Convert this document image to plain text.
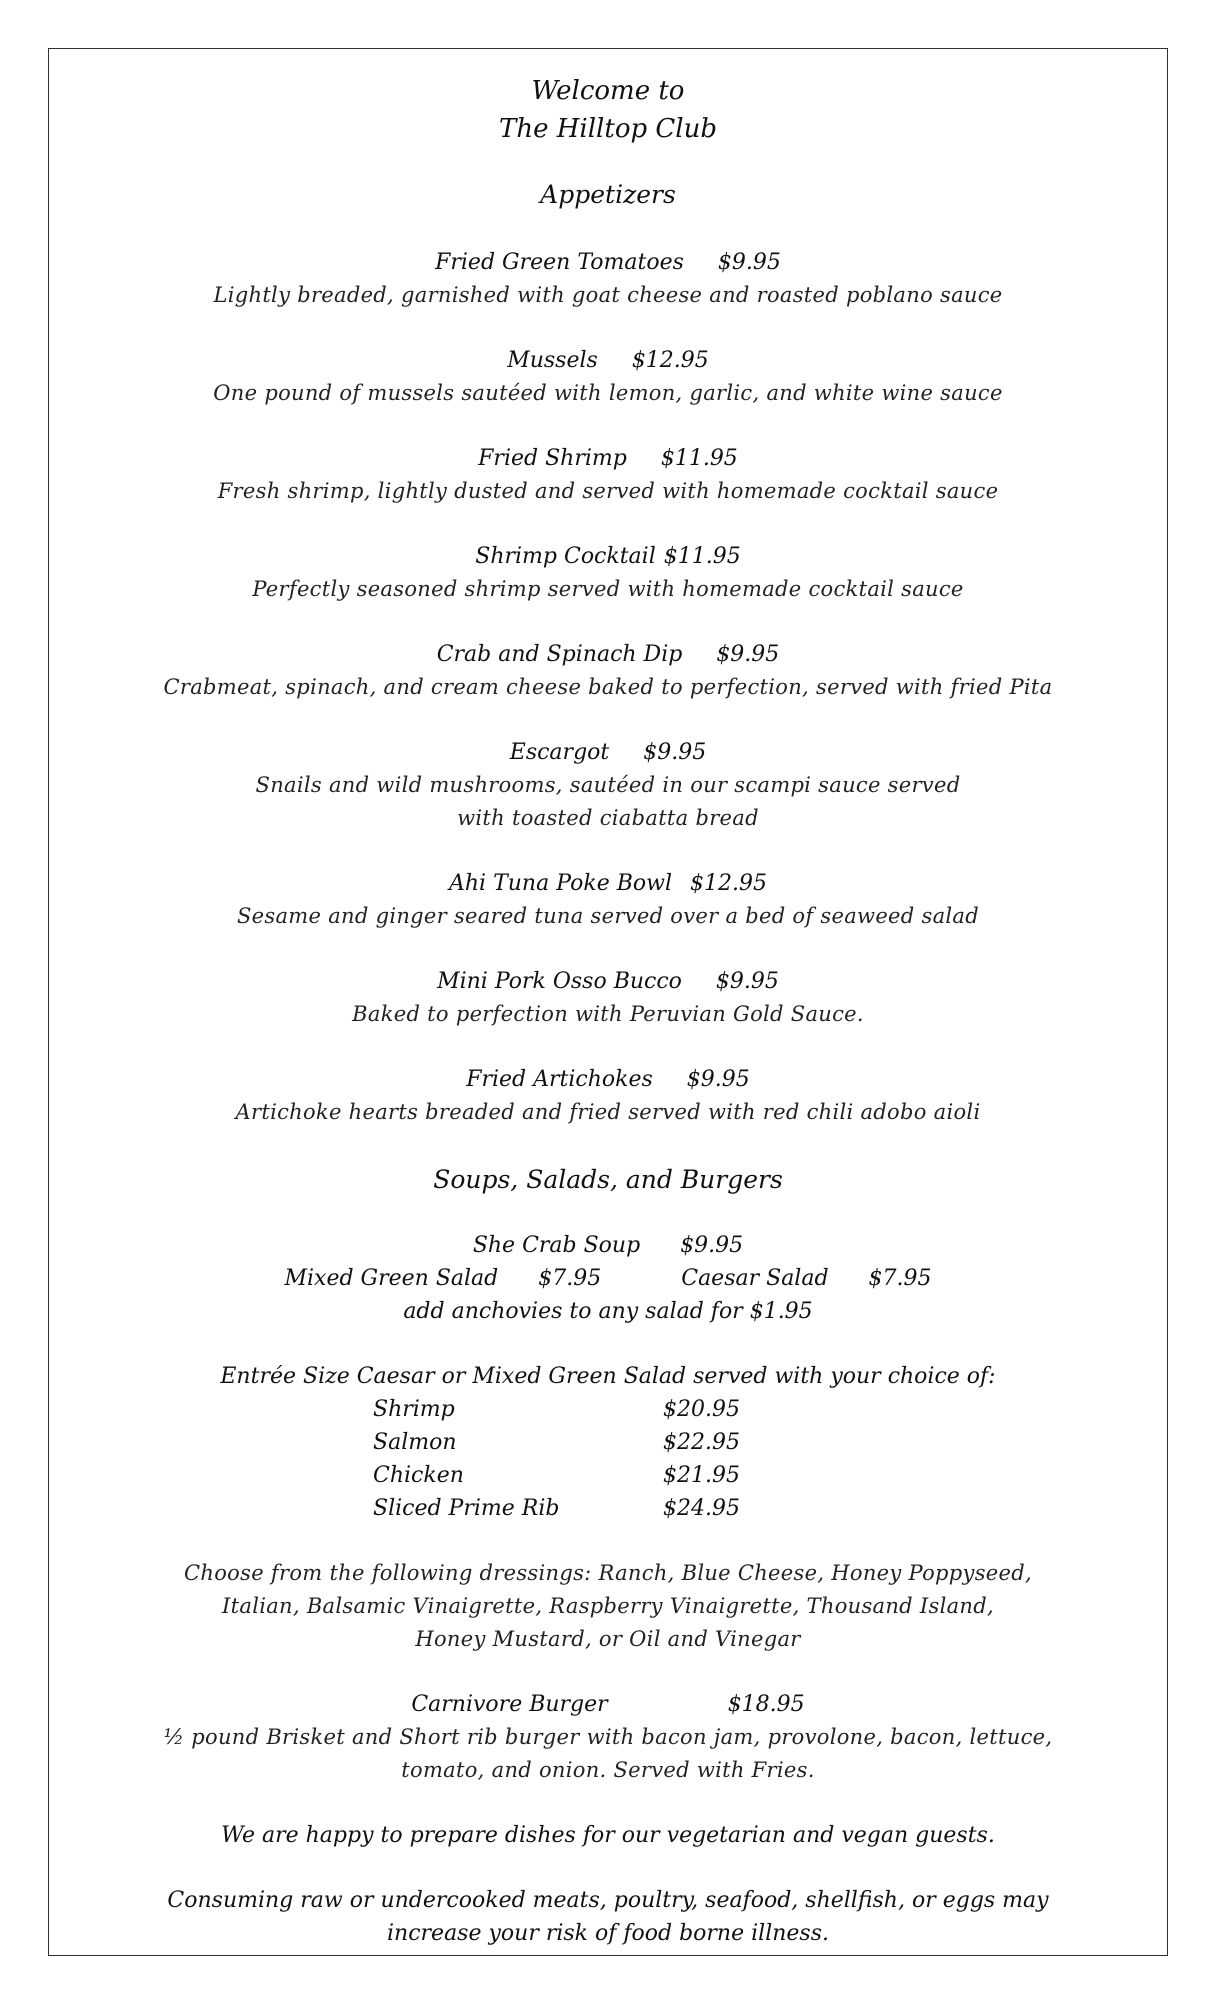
Welcome to
The Hilltop Club
Appetizers
Fried Green Tomatoes $9.95
Lightly breaded, garnished with goat cheese and roasted poblano sauce
Mussels $12.95
One pound of mussels sautéed with lemon, garlic, and white wine sauce
Fried Shrimp $11.95
Fresh shrimp, lightly dusted and served with homemade cocktail sauce
Shrimp Cocktail $11.95
Perfectly seasoned shrimp served with homemade cocktail sauce
Crab and Spinach Dip $9.95
Crabmeat, spinach, and cream cheese baked to perfection, served with fried Pita
Escargot $9.95
Snails and wild mushrooms, sautéed in our scampi sauce served
with toasted ciabatta bread
Ahi Tuna Poke Bowl $12.95
Sesame and ginger seared tuna served over a bed of seaweed salad
Mini Pork Osso Bucco $9.95
Baked to perfection with Peruvian Gold Sauce.
Fried Artichokes $9.95
Artichoke hearts breaded and fried served with red chili adobo aioli
Soups, Salads, and Burgers
She Crab Soup $9.95
Mixed Green Salad $7.95	Caesar Salad $7.95
add anchovies to any salad for $1.95
Entrée Size Caesar or Mixed Green Salad served with your choice of:
Shrimp	$20.95
Salmon	$22.95
Chicken	$21.95
Sliced Prime Rib	$24.95
Choose from the following dressings: Ranch, Blue Cheese, Honey Poppyseed,
Italian, Balsamic Vinaigrette, Raspberry Vinaigrette, Thousand Island,
Honey Mustard, or Oil and Vinegar
Carnivore Burger	$18.95
½ pound Brisket and Short rib burger with bacon jam, provolone, bacon, lettuce,
tomato, and onion. Served with Fries.
We are happy to prepare dishes for our vegetarian and vegan guests.
Consuming raw or undercooked meats, poultry, seafood, shellfish, or eggs may
increase your risk of food borne illness.
